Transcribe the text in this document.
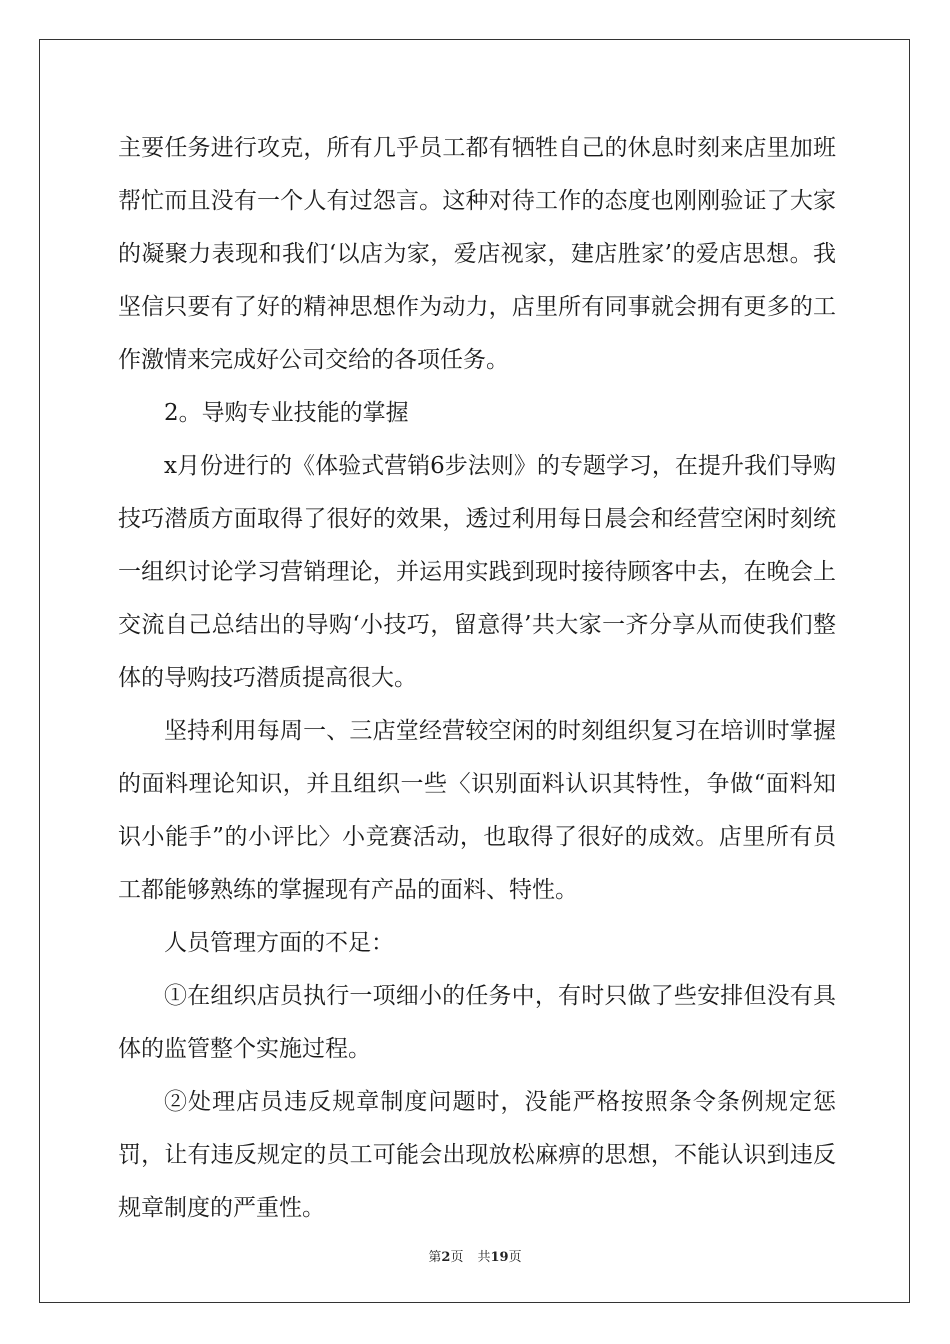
主要任务进行攻克，所有几乎员工都有牺牲自己的休息时刻来店里加班帮忙而且没有一个人有过怨言。这种对待工作的态度也刚刚验证了大家的凝聚力表现和我们‘以店为家，爱店视家，建店胜家’的爱店思想。我坚信只要有了好的精神思想作为动力，店里所有同事就会拥有更多的工作激情来完成好公司交给的各项任务。

2。导购专业技能的掌握

x月份进行的《体验式营销6步法则》的专题学习，在提升我们导购技巧潜质方面取得了很好的效果，透过利用每日晨会和经营空闲时刻统一组织讨论学习营销理论，并运用实践到现时接待顾客中去，在晚会上交流自己总结出的导购‘小技巧，留意得’共大家一齐分享从而使我们整体的导购技巧潜质提高很大。

坚持利用每周一、三店堂经营较空闲的时刻组织复习在培训时掌握的面料理论知识，并且组织一些〈识别面料认识其特性，争做“面料知识小能手”的小评比〉小竞赛活动，也取得了很好的成效。店里所有员工都能够熟练的掌握现有产品的面料、特性。

人员管理方面的不足：

①在组织店员执行一项细小的任务中，有时只做了些安排但没有具体的监管整个实施过程。

②处理店员违反规章制度问题时，没能严格按照条令条例规定惩罚，让有违反规定的员工可能会出现放松麻痹的思想，不能认识到违反规章制度的严重性。

第2页 共19页
